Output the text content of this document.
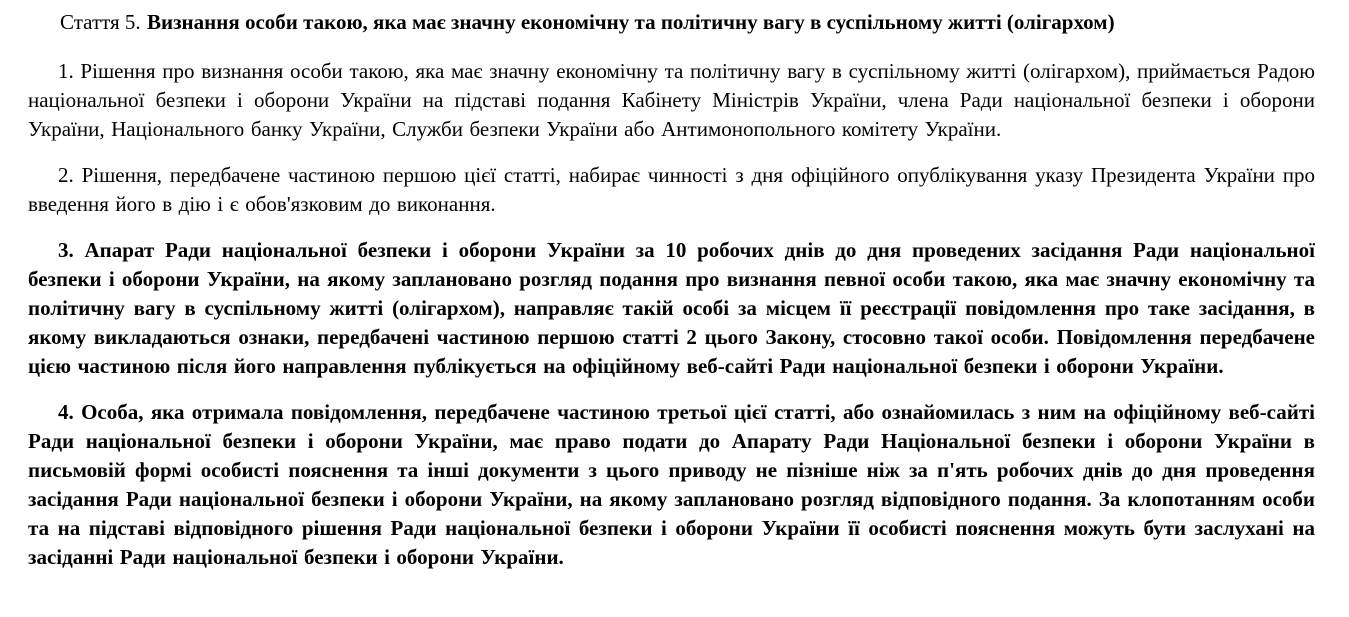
Стаття 5. Визнання особи такою, яка має значну економічну та політичну вагу в суспільному житті (олігархом)

1. Рішення про визнання особи такою, яка має значну економічну та політичну вагу в суспільному житті (олігархом), приймається Радою національної безпеки і оборони України на підставі подання Кабінету Міністрів України, члена Ради національної безпеки і оборони України, Національного банку України, Служби безпеки України або Антимонопольного комітету України.

2. Рішення, передбачене частиною першою цієї статті, набирає чинності з дня офіційного опублікування указу Президента України про введення його в дію і є обов'язковим до виконання.

3. Апарат Ради національної безпеки і оборони України за 10 робочих днів до дня проведених засідання Ради національної безпеки і оборони України, на якому заплановано розгляд подання про визнання певної особи такою, яка має значну економічну та політичну вагу в суспільному житті (олігархом), направляє такій особі за місцем її реєстрації повідомлення про таке засідання, в якому викладаються ознаки, передбачені частиною першою статті 2 цього Закону, стосовно такої особи. Повідомлення передбачене цією частиною після його направлення публікується на офіційному веб-сайті Ради національної безпеки і оборони України.

4. Особа, яка отримала повідомлення, передбачене частиною третьої цієї статті, або ознайомилась з ним на офіційному веб-сайті Ради національної безпеки і оборони України, має право подати до Апарату Ради Національної безпеки і оборони України в письмовій формі особисті пояснення та інші документи з цього приводу не пізніше ніж за п'ять робочих днів до дня проведення засідання Ради національної безпеки і оборони України, на якому заплановано розгляд відповідного подання. За клопотанням особи та на підставі відповідного рішення Ради національної безпеки і оборони України її особисті пояснення можуть бути заслухані на засіданні Ради національної безпеки і оборони України.
